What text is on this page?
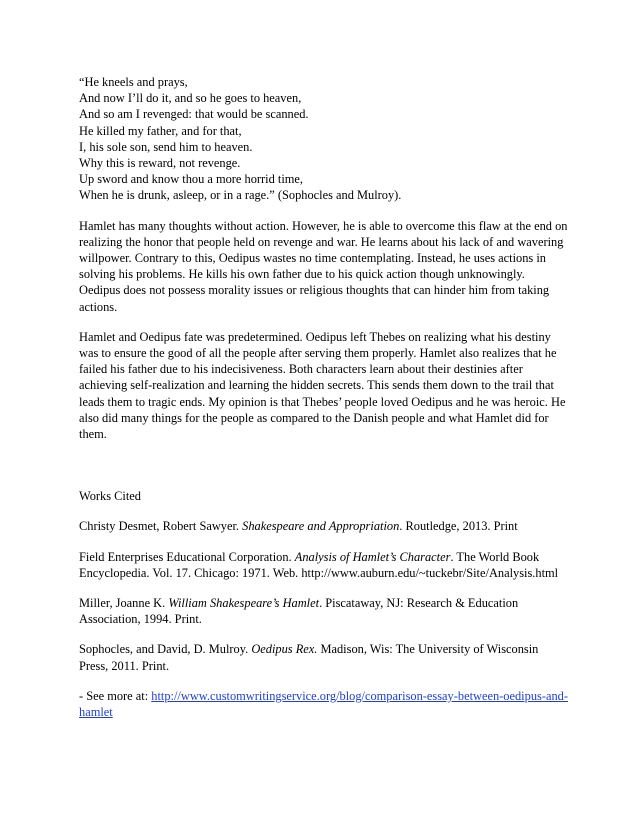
“He kneels and prays,

And now I’ll do it, and so he goes to heaven,

And so am I revenged: that would be scanned.

He killed my father, and for that,

I, his sole son, send him to heaven.

Why this is reward, not revenge.

Up sword and know thou a more horrid time,

When he is drunk, asleep, or in a rage.” (Sophocles and Mulroy).

Hamlet has many thoughts without action. However, he is able to overcome this flaw at the end on realizing the honor that people held on revenge and war. He learns about his lack of and wavering willpower. Contrary to this, Oedipus wastes no time contemplating. Instead, he uses actions in solving his problems. He kills his own father due to his quick action though unknowingly. Oedipus does not possess morality issues or religious thoughts that can hinder him from taking actions.

Hamlet and Oedipus fate was predetermined. Oedipus left Thebes on realizing what his destiny was to ensure the good of all the people after serving them properly. Hamlet also realizes that he failed his father due to his indecisiveness. Both characters learn about their destinies after achieving self-realization and learning the hidden secrets. This sends them down to the trail that leads them to tragic ends. My opinion is that Thebes’ people loved Oedipus and he was heroic. He also did many things for the people as compared to the Danish people and what Hamlet did for them.

Works Cited

Christy Desmet, Robert Sawyer. Shakespeare and Appropriation. Routledge, 2013. Print

Field Enterprises Educational Corporation. Analysis of Hamlet’s Character. The World Book Encyclopedia. Vol. 17. Chicago: 1971. Web. http://www.auburn.edu/~tuckebr/Site/Analysis.html

Miller, Joanne K. William Shakespeare’s Hamlet. Piscataway, NJ: Research & Education Association, 1994. Print.

Sophocles, and David, D. Mulroy. Oedipus Rex. Madison, Wis: The University of Wisconsin Press, 2011. Print.

- See more at: http://www.customwritingservice.org/blog/comparison-essay-between-oedipus-and-hamlet
